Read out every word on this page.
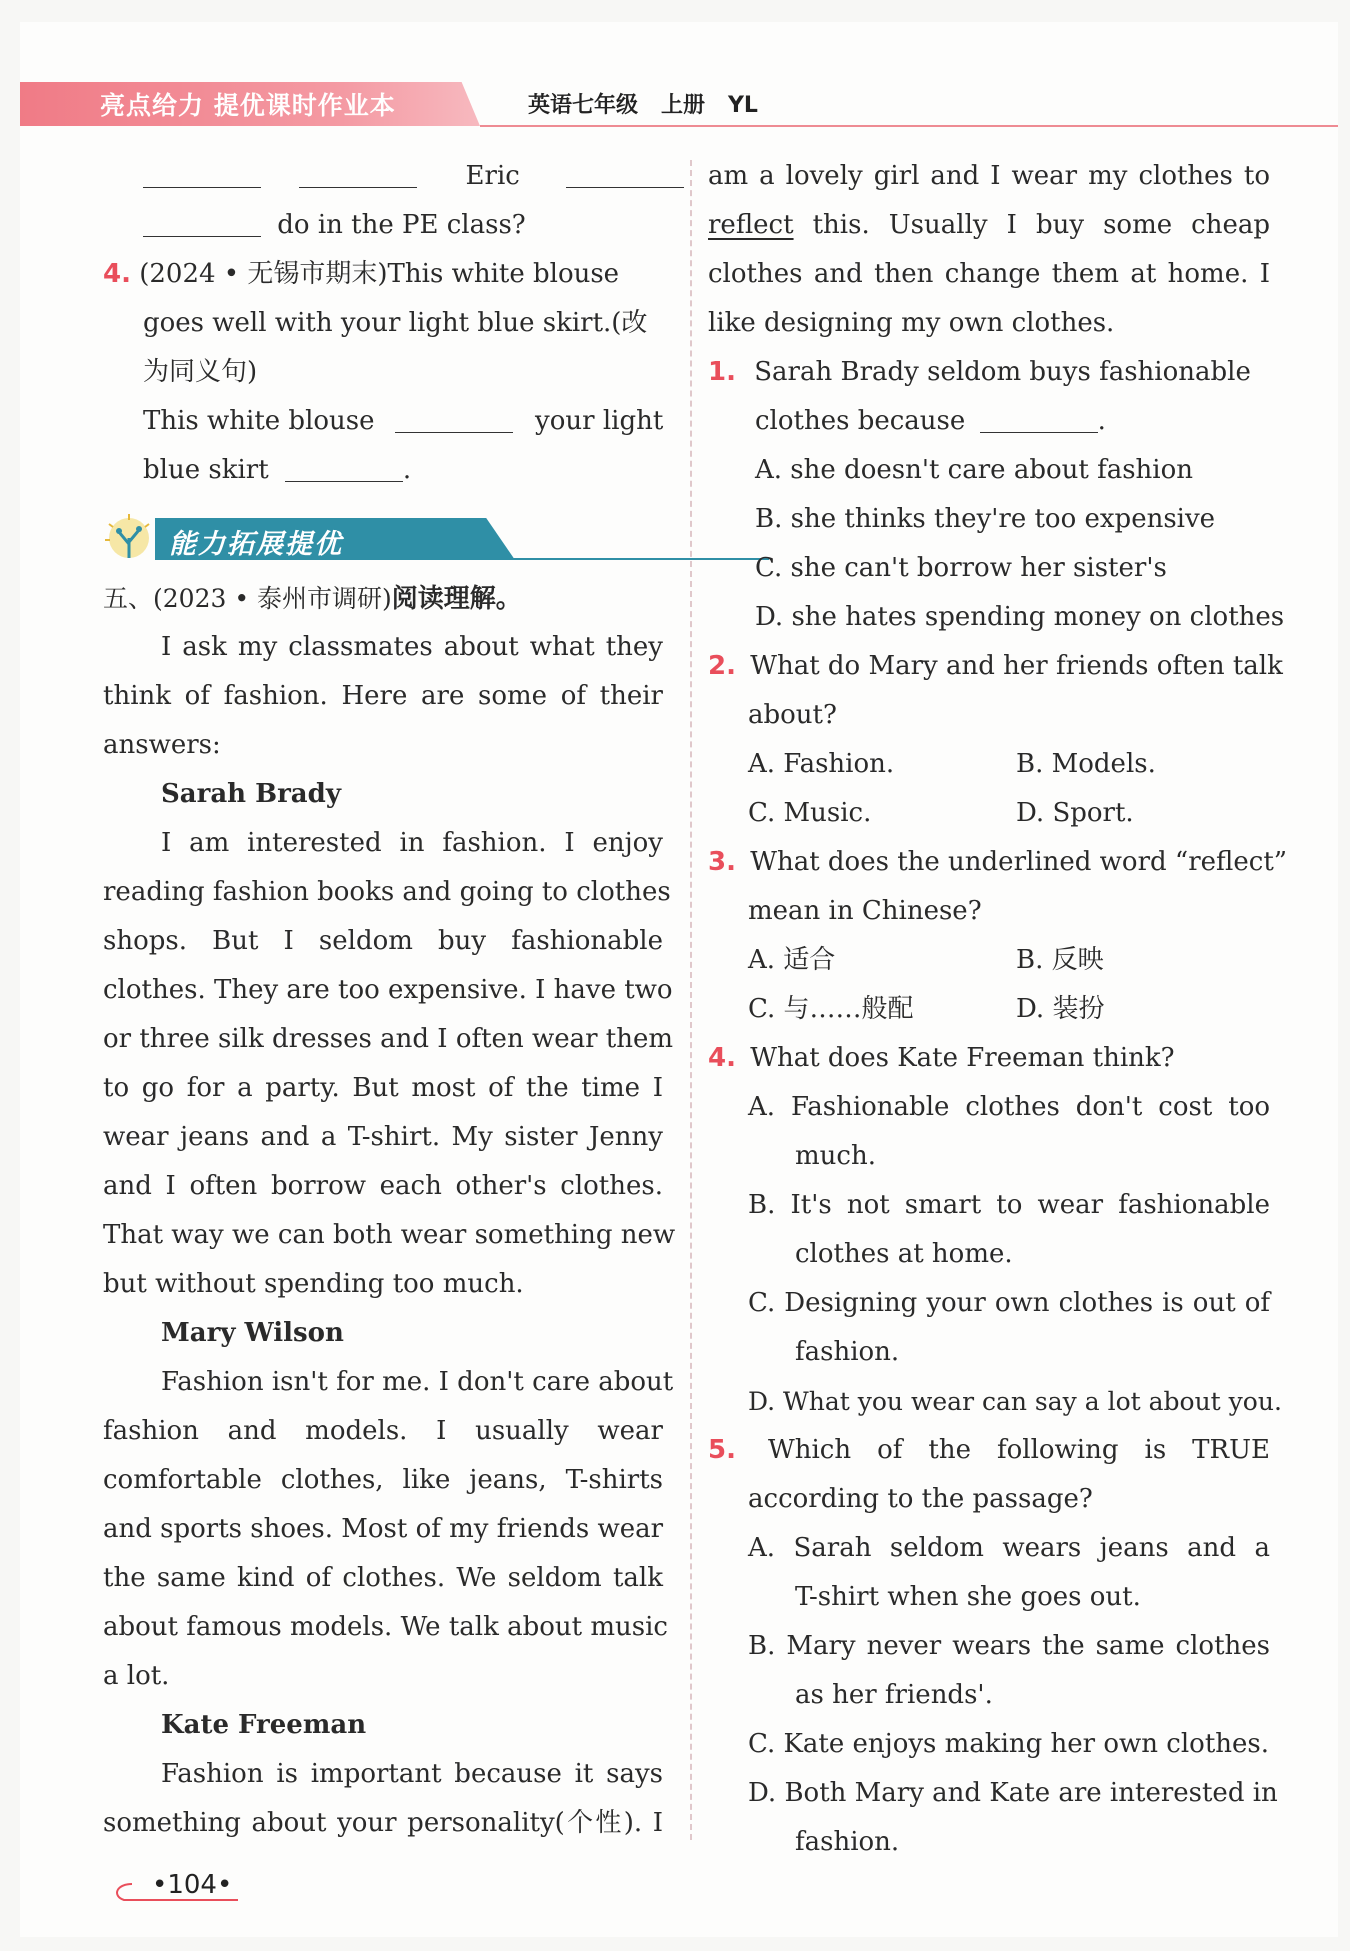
亮点给力 提优课时作业本	英语七年级   上册   YL
Eric
do in the PE class?
4. (2024 • 无锡市期末)This white blouse
goes well with your light blue skirt.(改
为同义句)
This white blouse	your light
blue skirt	.
能力拓展提优
五、(2023 • 泰州市调研)阅读理解。
I ask my classmates about what they
think of fashion. Here are some of their
answers:
Sarah Brady
I am interested in fashion. I enjoy
reading fashion books and going to clothes
shops. But I seldom buy fashionable
clothes. They are too expensive. I have two
or three silk dresses and I often wear them
to go for a party. But most of the time I
wear jeans and a T-shirt. My sister Jenny
and I often borrow each other's clothes.
That way we can both wear something new
but without spending too much.
Mary Wilson
Fashion isn't for me. I don't care about
fashion and models. I usually wear
comfortable clothes, like jeans, T-shirts
and sports shoes. Most of my friends wear
the same kind of clothes. We seldom talk
about famous models. We talk about music
a lot.
Kate Freeman
Fashion is important because it says
something about your personality(个性). I
am a lovely girl and I wear my clothes to
reflect this. Usually I buy some cheap
clothes and then change them at home. I
like designing my own clothes.
1. Sarah Brady seldom buys fashionable
clothes because	.
A. she doesn't care about fashion
B. she thinks they're too expensive
C. she can't borrow her sister's
D. she hates spending money on clothes
2. What do Mary and her friends often talk
about?
A. Fashion.	B. Models.
C. Music.	D. Sport.
3. What does the underlined word “reflect”
mean in Chinese?
A. 适合	B. 反映
C. 与……般配	D. 装扮
4. What does Kate Freeman think?
A. Fashionable clothes don't cost too
much.
B. It's not smart to wear fashionable
clothes at home.
C. Designing your own clothes is out of
fashion.
D. What you wear can say a lot about you.
5. Which of the following is TRUE
according to the passage?
A. Sarah seldom wears jeans and a
T-shirt when she goes out.
B. Mary never wears the same clothes
as her friends'.
C. Kate enjoys making her own clothes.
D. Both Mary and Kate are interested in
fashion.
•104•
